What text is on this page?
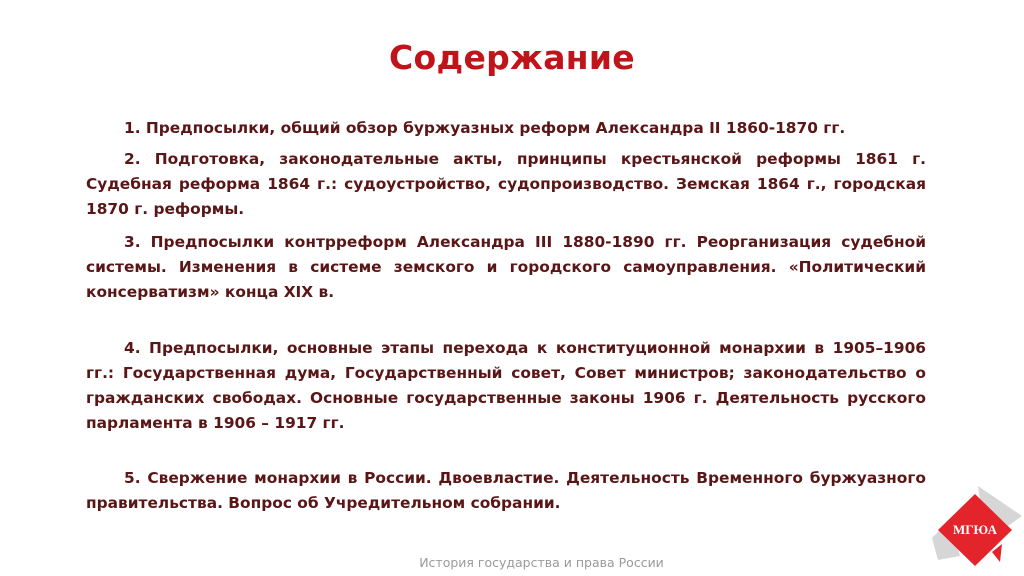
Содержание

1. Предпосылки, общий обзор буржуазных реформ Александра II 1860-1870 гг.

2. Подготовка, законодательные акты, принципы крестьянской реформы 1861 г. Судебная реформа 1864 г.: судоустройство, судопроизводство. Земская 1864 г., городская 1870 г. реформы.

3. Предпосылки контрреформ Александра III 1880-1890 гг. Реорганизация судебной системы. Изменения в системе земского и городского самоуправления. «Политический консерватизм» конца XIX в.

4. Предпосылки, основные этапы перехода к конституционной монархии в 1905–1906 гг.: Государственная дума, Государственный совет, Совет министров; законодательство о гражданских свободах. Основные государственные законы 1906 г. Деятельность русского парламента в 1906 – 1917 гг.

5. Свержение монархии в России. Двоевластие. Деятельность Временного буржуазного правительства. Вопрос об Учредительном собрании.

История государства и права России
МГЮА
